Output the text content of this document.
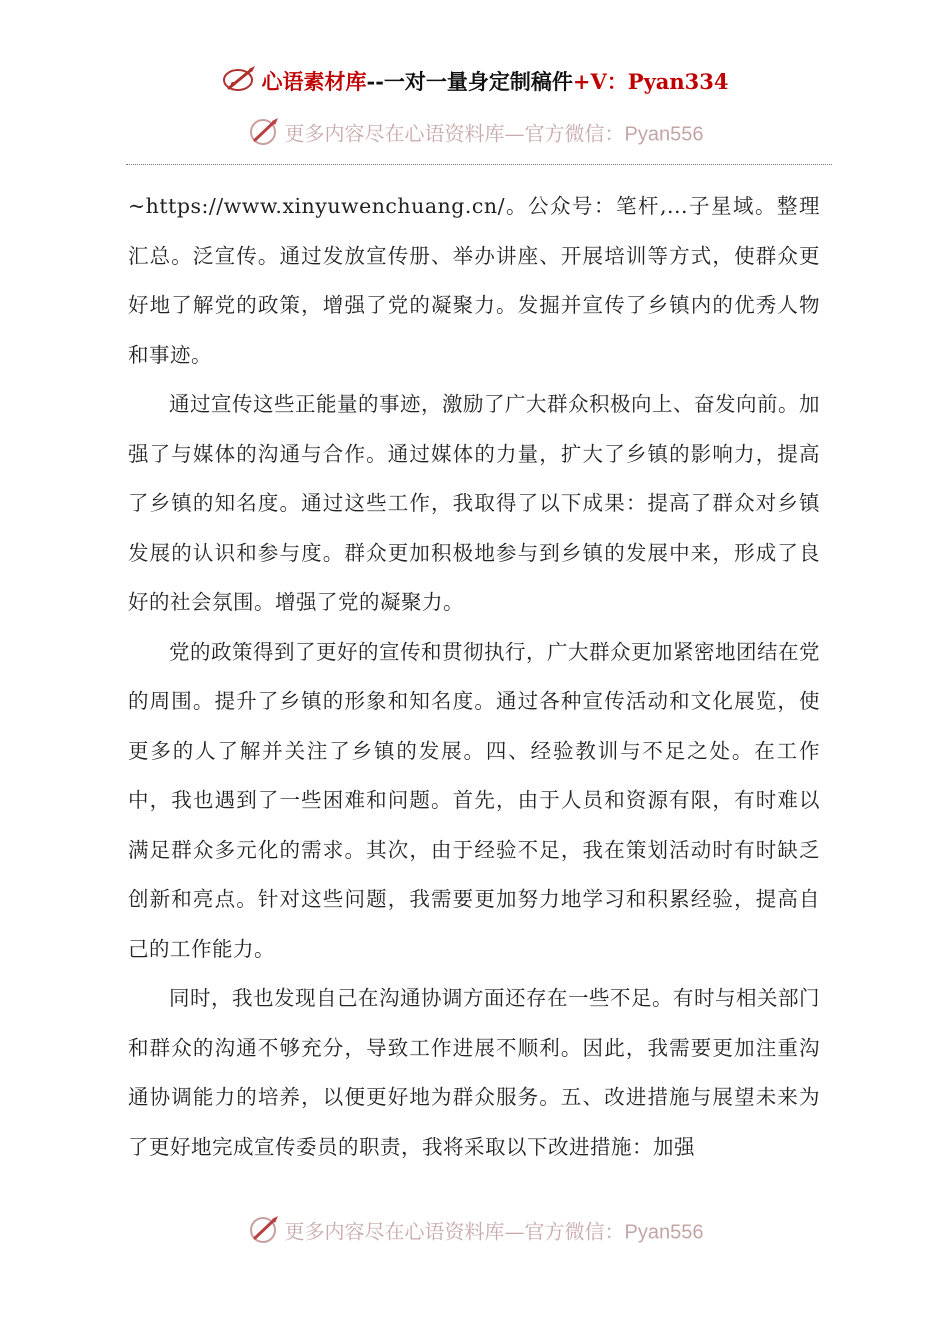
心语素材库--一对一量身定制稿件+V：Pyan334
更多内容尽在心语资料库—官方微信：Pyan556

~https://www.xinyuwenchuang.cn/。公众号：笔杆,...子星域。整理汇总。泛宣传。通过发放宣传册、举办讲座、开展培训等方式，使群众更好地了解党的政策，增强了党的凝聚力。发掘并宣传了乡镇内的优秀人物和事迹。

通过宣传这些正能量的事迹，激励了广大群众积极向上、奋发向前。加强了与媒体的沟通与合作。通过媒体的力量，扩大了乡镇的影响力，提高了乡镇的知名度。通过这些工作，我取得了以下成果：提高了群众对乡镇发展的认识和参与度。群众更加积极地参与到乡镇的发展中来，形成了良好的社会氛围。增强了党的凝聚力。

党的政策得到了更好的宣传和贯彻执行，广大群众更加紧密地团结在党的周围。提升了乡镇的形象和知名度。通过各种宣传活动和文化展览，使更多的人了解并关注了乡镇的发展。四、经验教训与不足之处。在工作中，我也遇到了一些困难和问题。首先，由于人员和资源有限，有时难以满足群众多元化的需求。其次，由于经验不足，我在策划活动时有时缺乏创新和亮点。针对这些问题，我需要更加努力地学习和积累经验，提高自己的工作能力。

同时，我也发现自己在沟通协调方面还存在一些不足。有时与相关部门和群众的沟通不够充分，导致工作进展不顺利。因此，我需要更加注重沟通协调能力的培养，以便更好地为群众服务。五、改进措施与展望未来为了更好地完成宣传委员的职责，我将采取以下改进措施：加强

更多内容尽在心语资料库—官方微信：Pyan556
